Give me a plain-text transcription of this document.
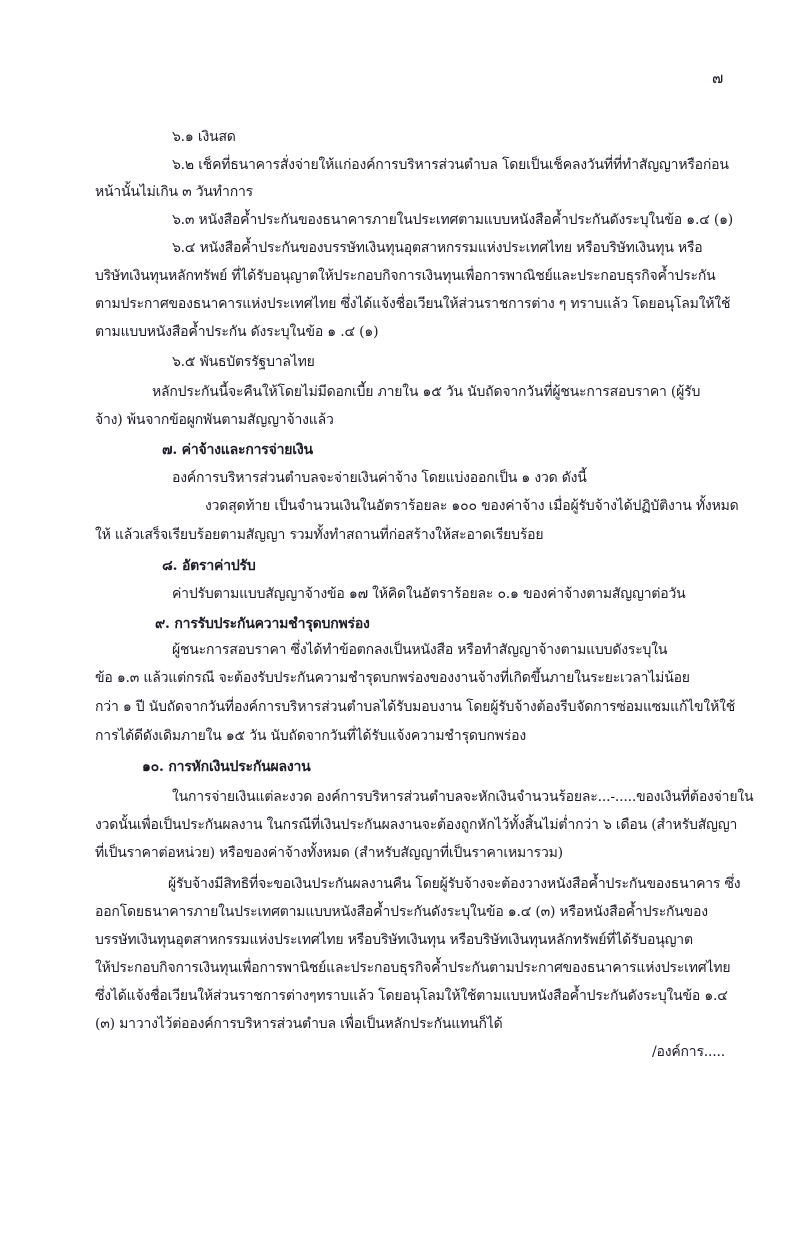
๗
๖.๑ เงินสด
๖.๒ เช็คที่ธนาคารสั่งจ่ายให้แก่องค์การบริหารส่วนตำบล โดยเป็นเช็คลงวันที่ที่ทำสัญญาหรือก่อน
หน้านั้นไม่เกิน ๓ วันทำการ
๖.๓ หนังสือค้ำประกันของธนาคารภายในประเทศตามแบบหนังสือค้ำประกันดังระบุในข้อ ๑.๔ (๑)
๖.๔ หนังสือค้ำประกันของบรรษัทเงินทุนอุตสาหกรรมแห่งประเทศไทย หรือบริษัทเงินทุน หรือ
บริษัทเงินทุนหลักทรัพย์ ที่ได้รับอนุญาตให้ประกอบกิจการเงินทุนเพื่อการพาณิชย์และประกอบธุรกิจค้ำประกัน
ตามประกาศของธนาคารแห่งประเทศไทย ซึ่งได้แจ้งชื่อเวียนให้ส่วนราชการต่าง ๆ ทราบแล้ว โดยอนุโลมให้ใช้
ตามแบบหนังสือค้ำประกัน ดังระบุในข้อ ๑ .๔ (๑)
๖.๕ พันธบัตรรัฐบาลไทย
หลักประกันนี้จะคืนให้โดยไม่มีดอกเบี้ย ภายใน ๑๕ วัน นับถัดจากวันที่ผู้ชนะการสอบราคา (ผู้รับ
จ้าง) พ้นจากข้อผูกพันตามสัญญาจ้างแล้ว
๗. ค่าจ้างและการจ่ายเงิน
องค์การบริหารส่วนตำบลจะจ่ายเงินค่าจ้าง โดยแบ่งออกเป็น ๑ งวด ดังนี้
งวดสุดท้าย เป็นจำนวนเงินในอัตราร้อยละ ๑๐๐ ของค่าจ้าง เมื่อผู้รับจ้างได้ปฏิบัติงาน ทั้งหมด
ให้ แล้วเสร็จเรียบร้อยตามสัญญา รวมทั้งทำสถานที่ก่อสร้างให้สะอาดเรียบร้อย
๘. อัตราค่าปรับ
ค่าปรับตามแบบสัญญาจ้างข้อ ๑๗ ให้คิดในอัตราร้อยละ ๐.๑ ของค่าจ้างตามสัญญาต่อวัน
๙. การรับประกันความชำรุดบกพร่อง
ผู้ชนะการสอบราคา ซึ่งได้ทำข้อตกลงเป็นหนังสือ หรือทำสัญญาจ้างตามแบบดังระบุใน
ข้อ ๑.๓ แล้วแต่กรณี จะต้องรับประกันความชำรุดบกพร่องของงานจ้างที่เกิดขึ้นภายในระยะเวลาไม่น้อย
กว่า ๑ ปี นับถัดจากวันที่องค์การบริหารส่วนตำบลได้รับมอบงาน โดยผู้รับจ้างต้องรีบจัดการซ่อมแซมแก้ไขให้ใช้
การได้ดีดังเดิมภายใน ๑๕ วัน นับถัดจากวันที่ได้รับแจ้งความชำรุดบกพร่อง
๑๐. การหักเงินประกันผลงาน
ในการจ่ายเงินแต่ละงวด องค์การบริหารส่วนตำบลจะหักเงินจำนวนร้อยละ...-.....ของเงินที่ต้องจ่ายใน
งวดนั้นเพื่อเป็นประกันผลงาน ในกรณีที่เงินประกันผลงานจะต้องถูกหักไว้ทั้งสิ้นไม่ต่ำกว่า ๖ เดือน (สำหรับสัญญา
ที่เป็นราคาต่อหน่วย) หรือของค่าจ้างทั้งหมด (สำหรับสัญญาที่เป็นราคาเหมารวม)
ผู้รับจ้างมีสิทธิที่จะขอเงินประกันผลงานคืน โดยผู้รับจ้างจะต้องวางหนังสือค้ำประกันของธนาคาร ซึ่ง
ออกโดยธนาคารภายในประเทศตามแบบหนังสือค้ำประกันดังระบุในข้อ ๑.๔ (๓) หรือหนังสือค้ำประกันของ
บรรษัทเงินทุนอุตสาหกรรมแห่งประเทศไทย หรือบริษัทเงินทุน หรือบริษัทเงินทุนหลักทรัพย์ที่ได้รับอนุญาต
ให้ประกอบกิจการเงินทุนเพื่อการพานิชย์และประกอบธุรกิจค้ำประกันตามประกาศของธนาคารแห่งประเทศไทย
ซึ่งได้แจ้งชื่อเวียนให้ส่วนราชการต่างๆทราบแล้ว โดยอนุโลมให้ใช้ตามแบบหนังสือค้ำประกันดังระบุในข้อ ๑.๔
(๓) มาวางไว้ต่อองค์การบริหารส่วนตำบล เพื่อเป็นหลักประกันแทนก็ได้
/องค์การ.....
